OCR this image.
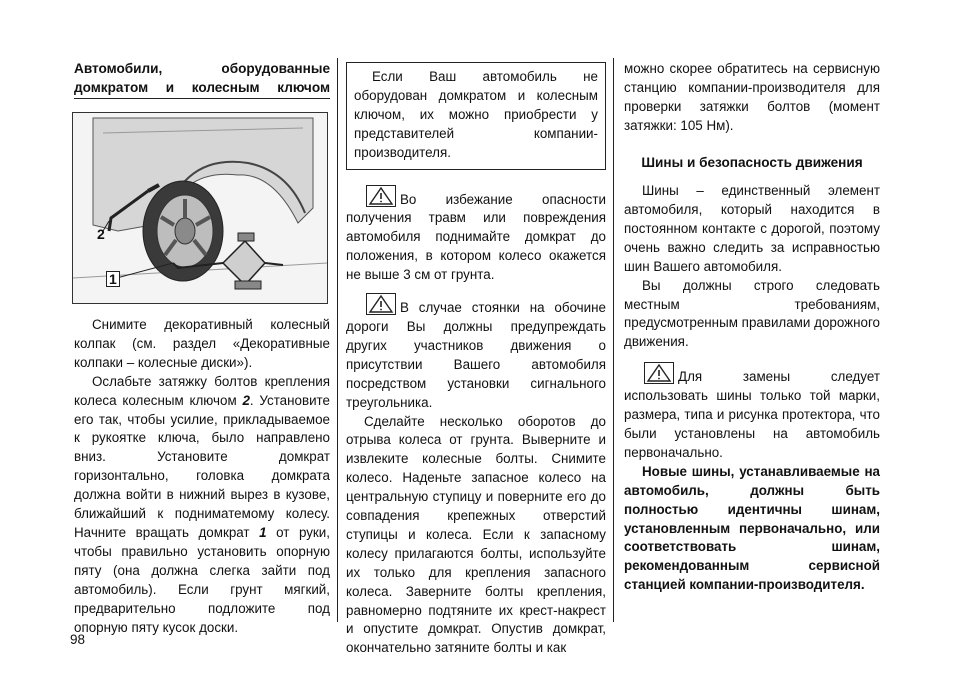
Автомобили, оборудованные домкратом и колесным ключом
2
1

Снимите декоративный колесный колпак (см. раздел «Декоративные колпаки – колесные диски»).

Ослабьте затяжку болтов крепления колеса колесным ключом 2. Установите его так, чтобы усилие, прикладываемое к рукоятке ключа, было направлено вниз. Установите домкрат горизонтально, головка домкрата должна войти в нижний вырез в кузове, ближайший к подниматемому колесу. Начните вращать домкрат 1 от руки, чтобы правильно установить опорную пяту (она должна слегка зайти под автомобиль). Если грунт мягкий, предварительно подложите под опорную пяту кусок доски.

Если Ваш автомобиль не оборудован домкратом и колесным ключом, их можно приобрести у представителей компании-производителя.

Во избежание опасности получения травм или повреждения автомобиля поднимайте домкрат до положения, в котором колесо окажется не выше 3 см от грунта.

В случае стоянки на обочине дороги Вы должны предупреждать других участников движения о присутствии Вашего автомобиля посредством установки сигнального треугольника.

Сделайте несколько оборотов до отрыва колеса от грунта. Выверните и извлеките колесные болты. Снимите колесо. Наденьте запасное колесо на центральную ступицу и поверните его до совпадения крепежных отверстий ступицы и колеса. Если к запасному колесу прилагаются болты, используйте их только для крепления запасного колеса. Заверните болты крепления, равномерно подтяните их крест-накрест и опустите домкрат. Опустив домкрат, окончательно затяните болты и как

можно скорее обратитесь на сервисную станцию компании-производителя для проверки затяжки болтов (момент затяжки: 105 Нм).

Шины и безопасность движения

Шины – единственный элемент автомобиля, который находится в постоянном контакте с дорогой, поэтому очень важно следить за исправностью шин Вашего автомобиля.

Вы должны строго следовать местным требованиям, предусмотренным правилами дорожного движения.

Для замены следует использовать шины только той марки, размера, типа и рисунка протектора, что были установлены на автомобиль первоначально.

Новые шины, устанавливаемые на автомобиль, должны быть полностью идентичны шинам, установленным первоначально, или соответствовать шинам, рекомендованным сервисной станцией компании-производителя.

98
